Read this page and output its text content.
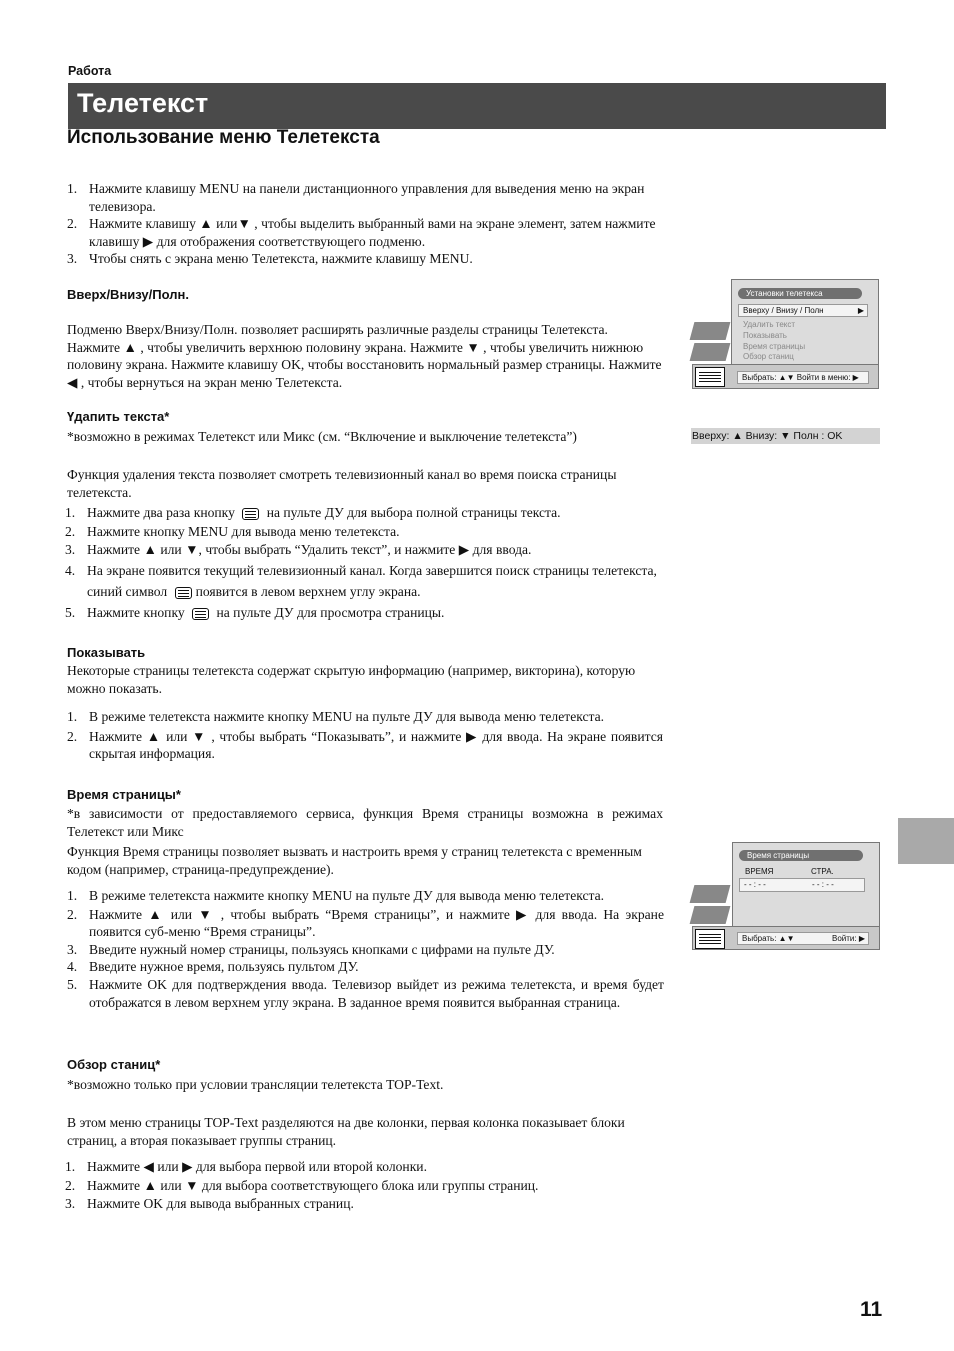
Работа
Телетекст
Использование меню Телетекста
1. Нажмите клавишу MENU на панели дистанционного управления для выведения меню на экран телевизора.
2. Нажмите клавишу ▲ или▼ , чтобы выделить выбранный вами на экране элемент, затем нажмите клавишу ▶ для отображения соответствующего подменю.
3. Чтобы снять с экрана меню Телетекста, нажмите клавишу MENU.
Вверх/Внизу/Полн.
Подменю Вверх/Внизу/Полн. позволяет расширять различные разделы страницы Телетекста. Нажмите ▲ , чтобы увеличить верхнюю половину экрана. Нажмите ▼ , чтобы увеличить нижнюю половину экрана. Нажмите клавишу OK, чтобы восстановить нормальный размер страницы. Нажмите ◀ , чтобы вернуться на экран меню Телетекста.
Үдапить текста*
*возможно в режимах Телетекст или Микс (см. “Включение и выключение телетекста”)
Функция удаления текста позволяет смотреть телевизионный канал во время поиска страницы телетекста.
1. Нажмите два раза кнопку на пульте ДУ для выбора полной страницы текста.
2. Нажмите кнопку MENU для вывода меню телетекста.
3. Нажмите ▲ или ▼, чтобы выбрать “Удалить текст”, и нажмите ▶ для ввода.
4. На экране появится текущий телевизионный канал. Когда завершится поиск страницы телетекста, синий символ появится в левом верхнем углу экрана.
5. Нажмите кнопку на пульте ДУ для просмотра страницы.
Показывать
Некоторые страницы телетекста содержат скрытую информацию (например, викторина), которую можно показать.
1. В режиме телетекста нажмите кнопку MENU на пульте ДУ для вывода меню телетекста.
2. Нажмите ▲ или ▼ , чтобы выбрать “Показывать”, и нажмите ▶ для ввода. На экране появится скрытая информация.
Время страницы*
*в зависимости от предоставляемого сервиса, функция Время страницы возможна в режимах Телетекст или Микс
Функция Время страницы позволяет вызвать и настроить время у страниц телетекста с временным кодом (например, страница-предупреждение).
1. В режиме телетекста нажмите кнопку MENU на пульте ДУ для вывода меню телетекста.
2. Нажмите ▲ или ▼ , чтобы выбрать “Время страницы”, и нажмите ▶ для ввода. На экране появится суб-меню “Время страницы”.
3. Введите нужный номер страницы, пользуясь кнопками с цифрами на пульте ДУ.
4. Введите нужное время, пользуясь пультом ДУ.
5. Нажмите OK для подтверждения ввода. Телевизор выйдет из режима телетекста, и время будет отображатся в левом верхнем углу экрана. В заданное время появится выбранная страница.
Обзор станиц*
*возможно только при условии трансляции телетекста TOP-Text.
В этом меню страницы TOP-Text разделяются на две колонки, первая колонка показывает блоки страниц, а вторая показывает группы страниц.
1. Нажмите ◀ или ▶ для выбора первой или второй колонки.
2. Нажмите ▲ или ▼ для выбора соответствующего блока или группы страниц.
3. Нажмите OK для вывода выбранных страниц.
Установки телетекса
Вверху / Внизу / Полн	▶
Удалить текст
Показывать
Время страницы
Обзор станиц
Выбрать: ▲▼ Войти в меню: ▶
Вверху: ▲ Внизу: ▼ Полн : OK
Время страницы
ВРЕМЯ	СТРА.
- - : - -	- - : - -
Выбрать: ▲▼	Войти: ▶
11
